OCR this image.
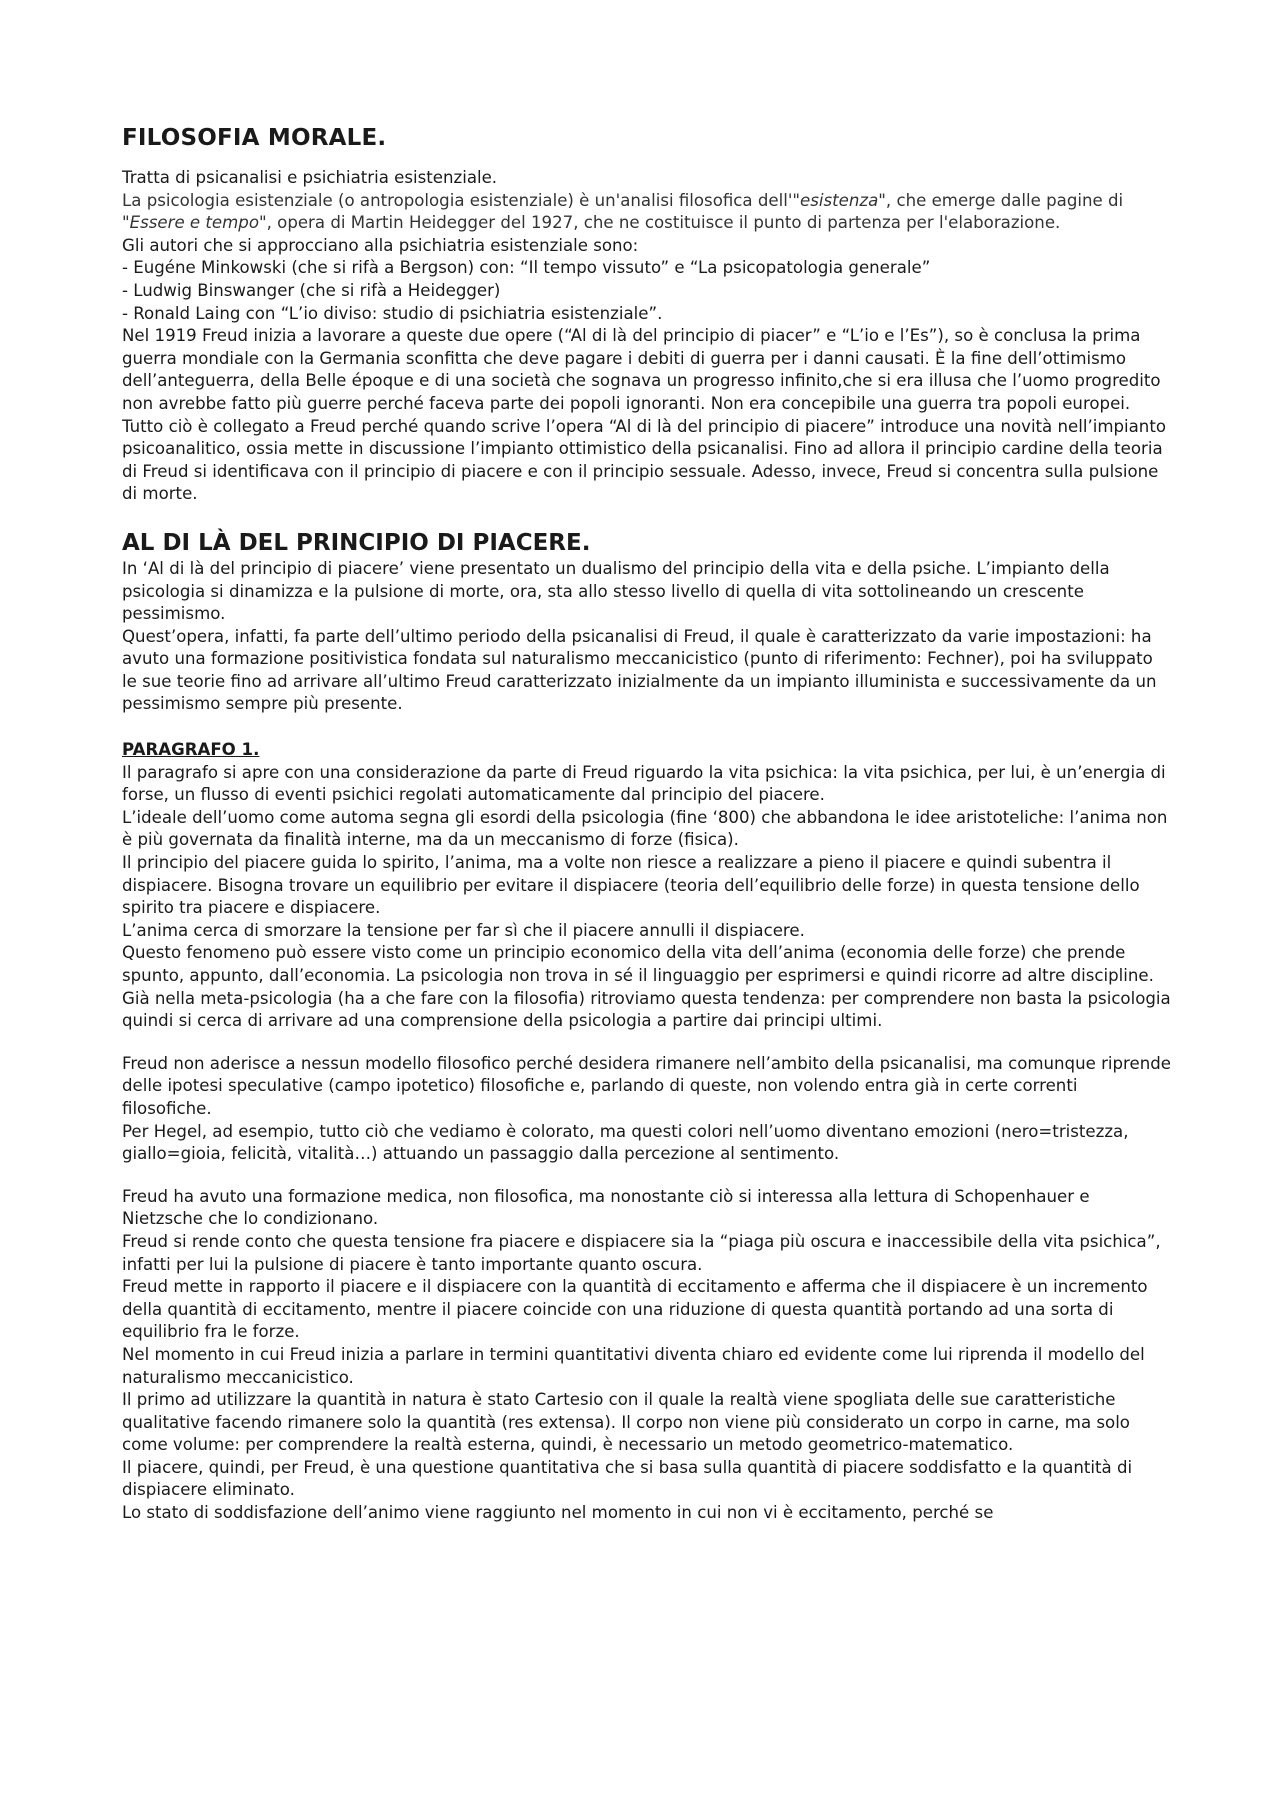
FILOSOFIA MORALE.

Tratta di psicanalisi e psichiatria esistenziale.

La psicologia esistenziale (o antropologia esistenziale) è un'analisi filosofica dell'"esistenza", che emerge dalle pagine di "Essere e tempo", opera di Martin Heidegger del 1927, che ne costituisce il punto di partenza per l'elaborazione.

Gli autori che si approcciano alla psichiatria esistenziale sono:

- Eugéne Minkowski (che si rifà a Bergson) con: “Il tempo vissuto” e “La psicopatologia generale”

- Ludwig Binswanger (che si rifà a Heidegger)

- Ronald Laing con “L’io diviso: studio di psichiatria esistenziale”.

Nel 1919 Freud inizia a lavorare a queste due opere (“Al di là del principio di piacer” e “L’io e l’Es”), so è conclusa la prima guerra mondiale con la Germania sconfitta che deve pagare i debiti di guerra per i danni causati. È la fine dell’ottimismo dell’anteguerra, della Belle époque e di una società che sognava un progresso infinito,che si era illusa che l’uomo progredito non avrebbe fatto più guerre perché faceva parte dei popoli ignoranti. Non era concepibile una guerra tra popoli europei.

Tutto ciò è collegato a Freud perché quando scrive l’opera “Al di là del principio di piacere” introduce una novità nell’impianto psicoanalitico, ossia mette in discussione l’impianto ottimistico della psicanalisi. Fino ad allora il principio cardine della teoria di Freud si identificava con il principio di piacere e con il principio sessuale. Adesso, invece, Freud si concentra sulla pulsione di morte.

AL DI LÀ DEL PRINCIPIO DI PIACERE.

In ‘Al di là del principio di piacere’ viene presentato un dualismo del principio della vita e della psiche. L’impianto della psicologia si dinamizza e la pulsione di morte, ora, sta allo stesso livello di quella di vita sottolineando un crescente pessimismo.

Quest’opera, infatti, fa parte dell’ultimo periodo della psicanalisi di Freud, il quale è caratterizzato da varie impostazioni: ha avuto una formazione positivistica fondata sul naturalismo meccanicistico (punto di riferimento: Fechner), poi ha sviluppato le sue teorie fino ad arrivare all’ultimo Freud caratterizzato inizialmente da un impianto illuminista e successivamente da un pessimismo sempre più presente.

PARAGRAFO 1.

Il paragrafo si apre con una considerazione da parte di Freud riguardo la vita psichica: la vita psichica, per lui, è un’energia di forse, un flusso di eventi psichici regolati automaticamente dal principio del piacere.

L’ideale dell’uomo come automa segna gli esordi della psicologia (fine ‘800) che abbandona le idee aristoteliche: l’anima non è più governata da finalità interne, ma da un meccanismo di forze (fisica).

Il principio del piacere guida lo spirito, l’anima, ma a volte non riesce a realizzare a pieno il piacere e quindi subentra il dispiacere. Bisogna trovare un equilibrio per evitare il dispiacere (teoria dell’equilibrio delle forze) in questa tensione dello spirito tra piacere e dispiacere.

L’anima cerca di smorzare la tensione per far sì che il piacere annulli il dispiacere.

Questo fenomeno può essere visto come un principio economico della vita dell’anima (economia delle forze) che prende spunto, appunto, dall’economia. La psicologia non trova in sé il linguaggio per esprimersi e quindi ricorre ad altre discipline.

Già nella meta-psicologia (ha a che fare con la filosofia) ritroviamo questa tendenza: per comprendere non basta la psicologia quindi si cerca di arrivare ad una comprensione della psicologia a partire dai principi ultimi.

Freud non aderisce a nessun modello filosofico perché desidera rimanere nell’ambito della psicanalisi, ma comunque riprende delle ipotesi speculative (campo ipotetico) filosofiche e, parlando di queste, non volendo entra già in certe correnti filosofiche.

Per Hegel, ad esempio, tutto ciò che vediamo è colorato, ma questi colori nell’uomo diventano emozioni (nero=tristezza, giallo=gioia, felicità, vitalità…) attuando un passaggio dalla percezione al sentimento.

Freud ha avuto una formazione medica, non filosofica, ma nonostante ciò si interessa alla lettura di Schopenhauer e Nietzsche che lo condizionano.

Freud si rende conto che questa tensione fra piacere e dispiacere sia la “piaga più oscura e inaccessibile della vita psichica”, infatti per lui la pulsione di piacere è tanto importante quanto oscura.

Freud mette in rapporto il piacere e il dispiacere con la quantità di eccitamento e afferma che il dispiacere è un incremento della quantità di eccitamento, mentre il piacere coincide con una riduzione di questa quantità portando ad una sorta di equilibrio fra le forze.

Nel momento in cui Freud inizia a parlare in termini quantitativi diventa chiaro ed evidente come lui riprenda il modello del naturalismo meccanicistico.

Il primo ad utilizzare la quantità in natura è stato Cartesio con il quale la realtà viene spogliata delle sue caratteristiche qualitative facendo rimanere solo la quantità (res extensa). Il corpo non viene più considerato un corpo in carne, ma solo come volume: per comprendere la realtà esterna, quindi, è necessario un metodo geometrico-matematico.

Il piacere, quindi, per Freud, è una questione quantitativa che si basa sulla quantità di piacere soddisfatto e la quantità di dispiacere eliminato.

Lo stato di soddisfazione dell’animo viene raggiunto nel momento in cui non vi è eccitamento, perché se
